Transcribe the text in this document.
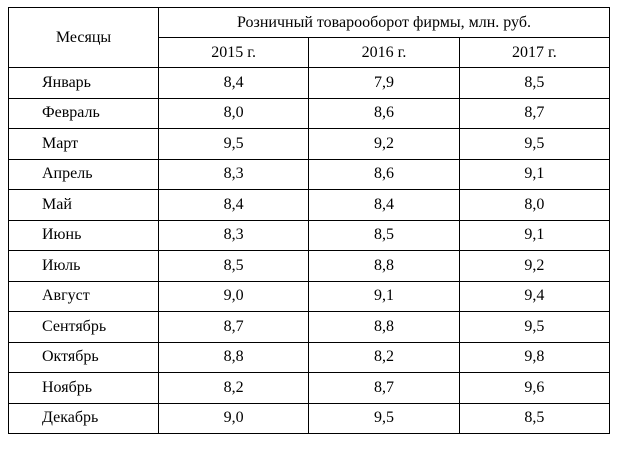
Месяцы	Розничный товарооборот фирмы, млн. руб.		
	2015 г.	2016 г.	2017 г.
Январь	8,4	7,9	8,5
Февраль	8,0	8,6	8,7
Март	9,5	9,2	9,5
Апрель	8,3	8,6	9,1
Май	8,4	8,4	8,0
Июнь	8,3	8,5	9,1
Июль	8,5	8,8	9,2
Август	9,0	9,1	9,4
Сентябрь	8,7	8,8	9,5
Октябрь	8,8	8,2	9,8
Ноябрь	8,2	8,7	9,6
Декабрь	9,0	9,5	8,5
